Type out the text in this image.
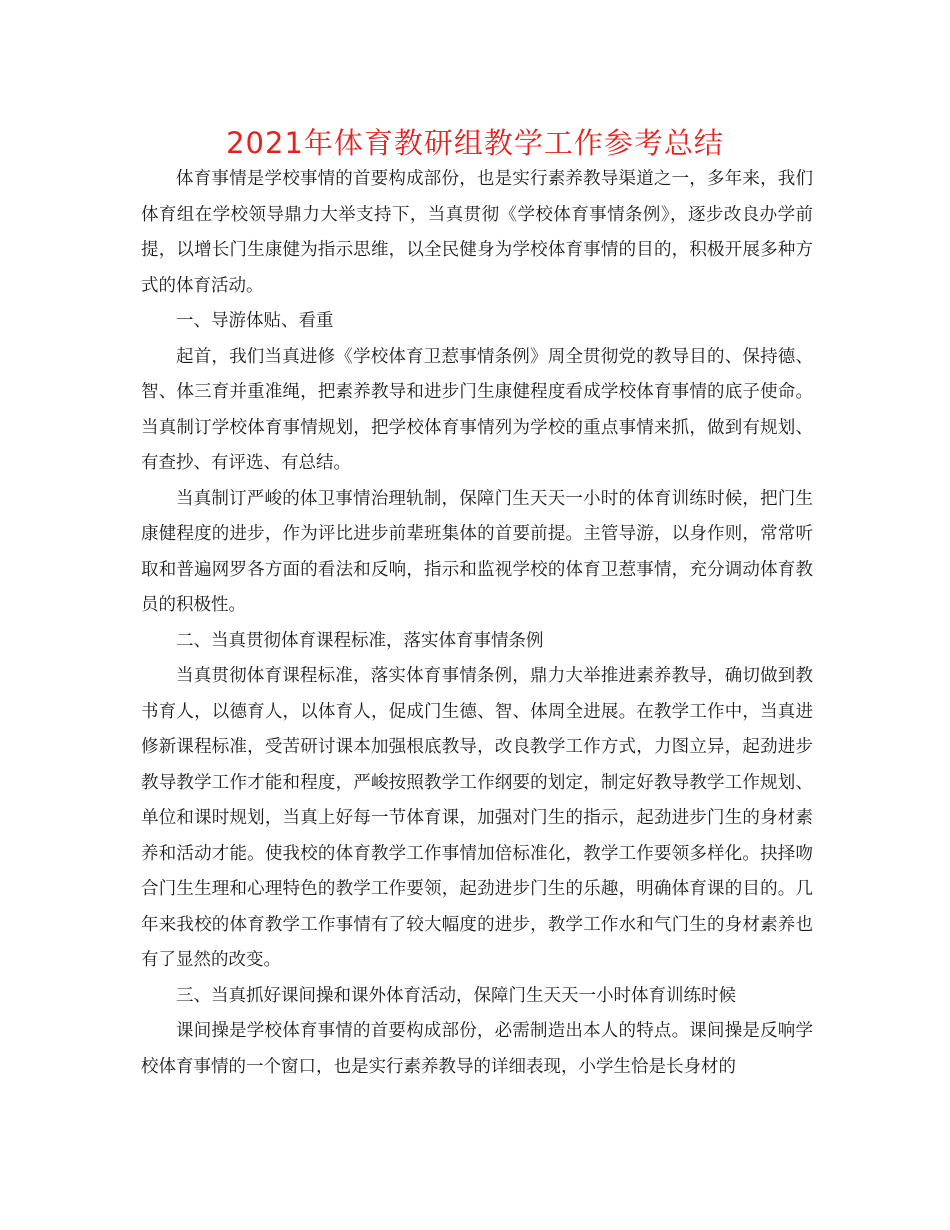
2021年体育教研组教学工作参考总结

体育事情是学校事情的首要构成部份，也是实行素养教导渠道之一，多年来，我们体育组在学校领导鼎力大举支持下，当真贯彻《学校体育事情条例》，逐步改良办学前提，以增长门生康健为指示思维，以全民健身为学校体育事情的目的，积极开展多种方式的体育活动。

一、导游体贴、看重

起首，我们当真进修《学校体育卫惹事情条例》周全贯彻党的教导目的、保持德、智、体三育并重准绳，把素养教导和进步门生康健程度看成学校体育事情的底子使命。当真制订学校体育事情规划，把学校体育事情列为学校的重点事情来抓，做到有规划、有查抄、有评选、有总结。

当真制订严峻的体卫事情治理轨制，保障门生天天一小时的体育训练时候，把门生康健程度的进步，作为评比进步前辈班集体的首要前提。主管导游，以身作则，常常听取和普遍网罗各方面的看法和反响，指示和监视学校的体育卫惹事情，充分调动体育教员的积极性。

二、当真贯彻体育课程标准，落实体育事情条例

当真贯彻体育课程标准，落实体育事情条例，鼎力大举推进素养教导，确切做到教书育人，以德育人，以体育人，促成门生德、智、体周全进展。在教学工作中，当真进修新课程标准，受苦研讨课本加强根底教导，改良教学工作方式，力图立异，起劲进步教导教学工作才能和程度，严峻按照教学工作纲要的划定，制定好教导教学工作规划、单位和课时规划，当真上好每一节体育课，加强对门生的指示，起劲进步门生的身材素养和活动才能。使我校的体育教学工作事情加倍标准化，教学工作要领多样化。抉择吻合门生生理和心理特色的教学工作要领，起劲进步门生的乐趣，明确体育课的目的。几年来我校的体育教学工作事情有了较大幅度的进步，教学工作水和气门生的身材素养也有了显然的改变。

三、当真抓好课间操和课外体育活动，保障门生天天一小时体育训练时候

课间操是学校体育事情的首要构成部份，必需制造出本人的特点。课间操是反响学校体育事情的一个窗口，也是实行素养教导的详细表现，小学生恰是长身材的
